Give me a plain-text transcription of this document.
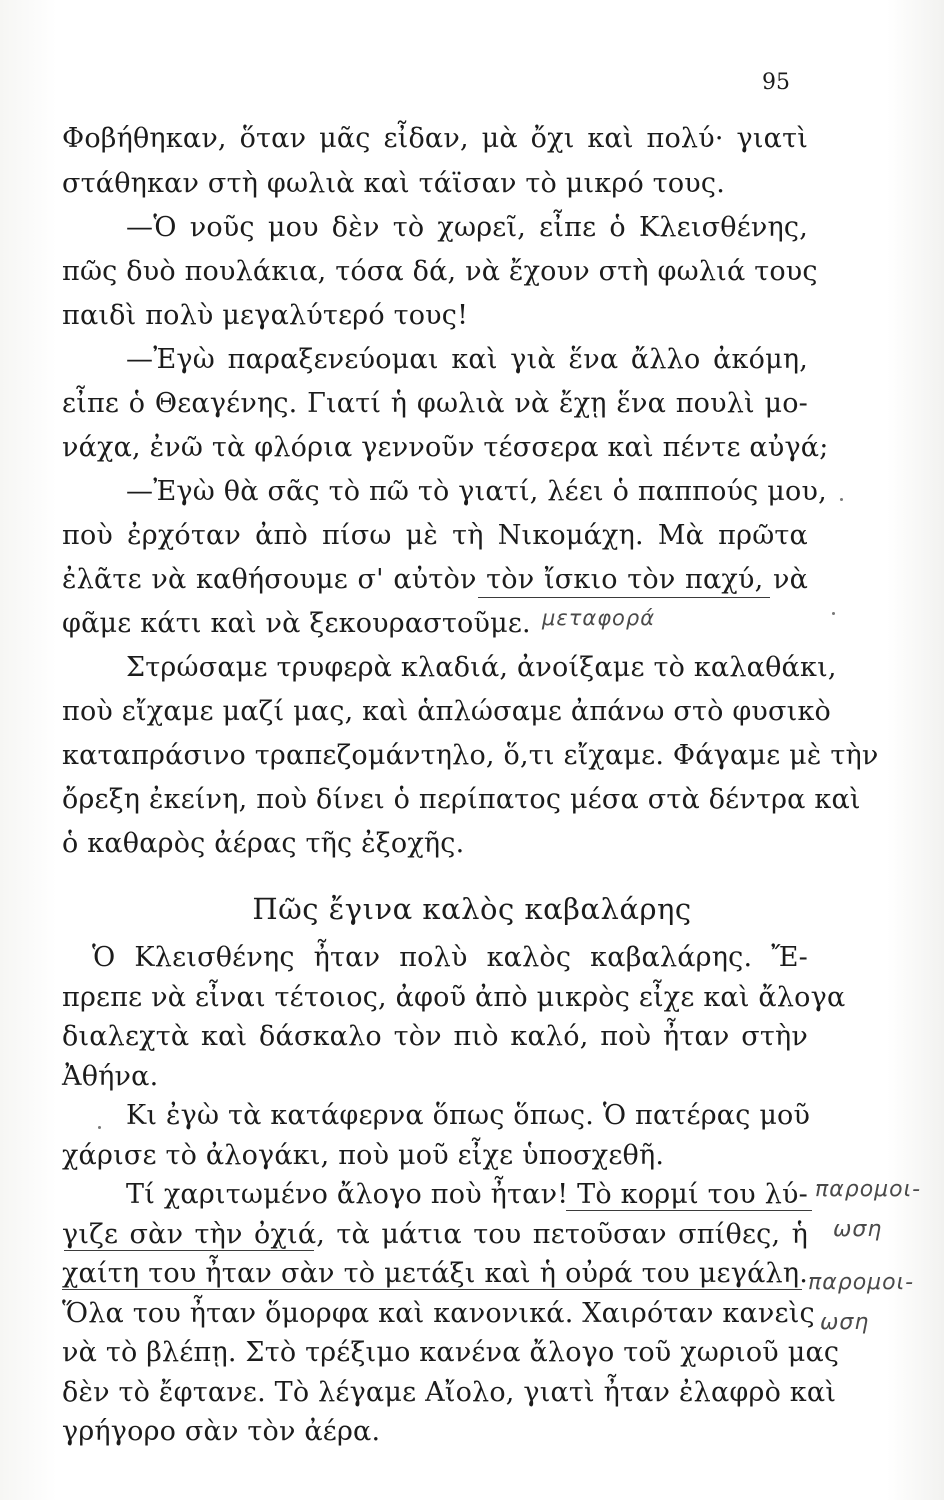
95
Φοβήθηκαν, ὅταν μᾶς εἶδαν, μὰ ὄχι καὶ πολύ· γιατὶ
στάθηκαν στὴ φωλιὰ καὶ τάϊσαν τὸ μικρό τους.
—Ὁ νοῦς μου δὲν τὸ χωρεῖ, εἶπε ὁ Κλεισθένης,
πῶς δυὸ πουλάκια, τόσα δά, νὰ ἔχουν στὴ φωλιά τους
παιδὶ πολὺ μεγαλύτερό τους!
—Ἐγὼ παραξενεύομαι καὶ γιὰ ἕνα ἄλλο ἀκόμη,
εἶπε ὁ Θεαγένης. Γιατί ἡ φωλιὰ νὰ ἔχῃ ἕνα πουλὶ μο-
νάχα, ἐνῶ τὰ φλόρια γεννοῦν τέσσερα καὶ πέντε αὐγά;
—Ἐγὼ θὰ σᾶς τὸ πῶ τὸ γιατί, λέει ὁ παππούς μου,
ποὺ ἐρχόταν ἀπὸ πίσω μὲ τὴ Νικομάχη. Μὰ πρῶτα
ἐλᾶτε νὰ καθήσουμε σ' αὐτὸν τὸν ἴσκιο τὸν παχύ, νὰ
φᾶμε κάτι καὶ νὰ ξεκουραστοῦμε.
Στρώσαμε τρυφερὰ κλαδιά, ἀνοίξαμε τὸ καλαθάκι,
ποὺ εἴχαμε μαζί μας, καὶ ἁπλώσαμε ἀπάνω στὸ φυσικὸ
καταπράσινο τραπεζομάντηλο, ὅ,τι εἴχαμε. Φάγαμε μὲ τὴν
ὄρεξη ἐκείνη, ποὺ δίνει ὁ περίπατος μέσα στὰ δέντρα καὶ
ὁ καθαρὸς ἀέρας τῆς ἐξοχῆς.
μεταφορά
Πῶς ἔγινα καλὸς καβαλάρης
Ὁ Κλεισθένης ἦταν πολὺ καλὸς καβαλάρης. Ἔ-
πρεπε νὰ εἶναι τέτοιος, ἀφοῦ ἀπὸ μικρὸς εἶχε καὶ ἄλογα
διαλεχτὰ καὶ δάσκαλο τὸν πιὸ καλό, ποὺ ἦταν στὴν
Ἀθήνα.
Κι ἐγὼ τὰ κατάφερνα ὅπως ὅπως. Ὁ πατέρας μοῦ
χάρισε τὸ ἀλογάκι, ποὺ μοῦ εἶχε ὑποσχεθῆ.
Τί χαριτωμένο ἄλογο ποὺ ἦταν! Τὸ κορμί του λύ-
γιζε σὰν τὴν ὀχιά, τὰ μάτια του πετοῦσαν σπίθες, ἡ
χαίτη του ἦταν σὰν τὸ μετάξι καὶ ἡ οὐρά του μεγάλη.
Ὅλα του ἦταν ὅμορφα καὶ κανονικά. Χαιρόταν κανεὶς
νὰ τὸ βλέπῃ. Στὸ τρέξιμο κανένα ἄλογο τοῦ χωριοῦ μας
δὲν τὸ ἔφτανε. Τὸ λέγαμε Αἴολο, γιατὶ ἦταν ἐλαφρὸ καὶ
παρομοι-
ωση
παρομοι-
ωση
γρήγορο σὰν τὸν ἀέρα.
